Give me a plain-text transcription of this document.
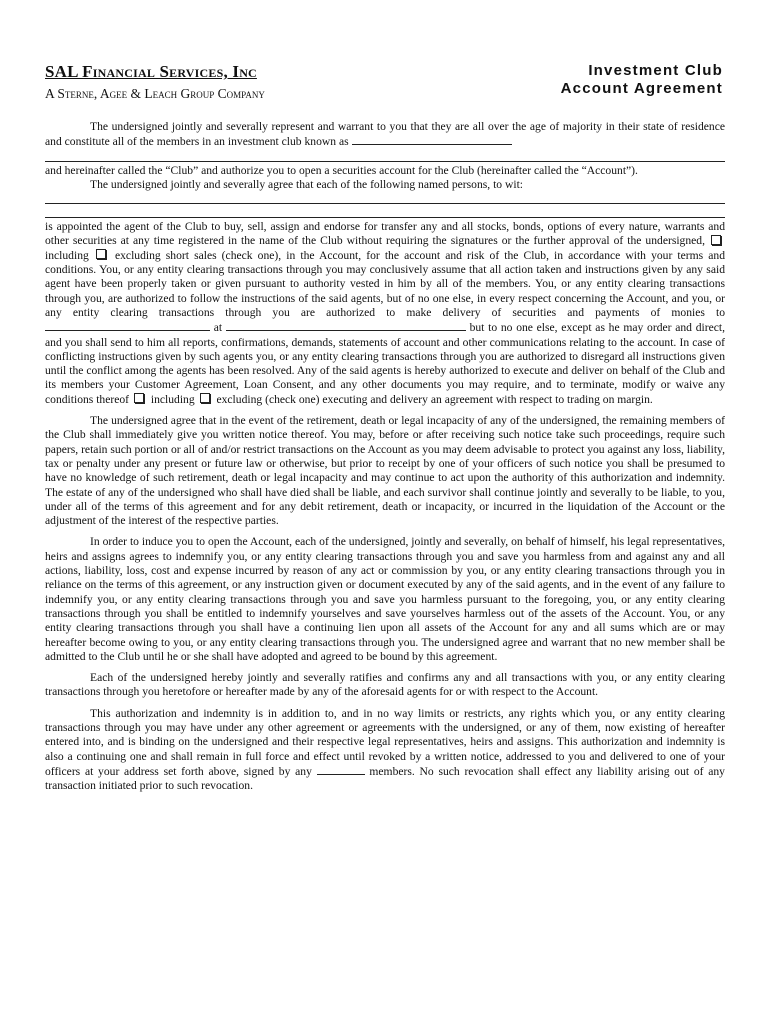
SAL Financial Services, Inc
A Sterne, Agee & Leach Group Company
Investment Club
Account Agreement

The undersigned jointly and severally represent and warrant to you that they are all over the age of majority in their state of residence and constitute all of the members in an investment club known as

and hereinafter called the “Club” and authorize you to open a securities account for the Club (hereinafter called the “Account”).

The undersigned jointly and severally agree that each of the following named persons, to wit:

is appointed the agent of the Club to buy, sell, assign and endorse for transfer any and all stocks, bonds, options of every nature, warrants and other securities at any time registered in the name of the Club without requiring the signatures or the further approval of the undersigned,  including excluding short sales (check one), in the Account, for the account and risk of the Club, in accordance with your terms and conditions. You, or any entity clearing transactions through you may conclusively assume that all action taken and instructions given by any said agent have been properly taken or given pursuant to authority vested in him by all of the members. You, or any entity clearing transactions through you, are authorized to follow the instructions of the said agents, but of no one else, in every respect concerning the Account, and you, or any entity clearing transactions through you are authorized to make delivery of securities and payments of monies to  at	but to no one else, except as he may order and direct, and you shall send to him all reports, confirmations, demands, statements of account and other communications relating to the account. In case of conflicting instructions given by such agents you, or any entity clearing transactions through you are authorized to disregard all instructions given until the conflict among the agents has been resolved. Any of the said agents is hereby authorized to execute and deliver on behalf of the Club and its members your Customer Agreement, Loan Consent, and any other documents you may require, and to terminate, modify or waive any conditions thereof including excluding (check one) executing and delivery an agreement with respect to trading on margin.

The undersigned agree that in the event of the retirement, death or legal incapacity of any of the undersigned, the remaining members of the Club shall immediately give you written notice thereof. You may, before or after receiving such notice take such proceedings, require such papers, retain such portion or all of and/or restrict transactions on the Account as you may deem advisable to protect you against any loss, liability, tax or penalty under any present or future law or otherwise, but prior to receipt by one of your officers of such notice you shall be presumed to have no knowledge of such retirement, death or legal incapacity and may continue to act upon the authority of this authorization and indemnity. The estate of any of the undersigned who shall have died shall be liable, and each survivor shall continue jointly and severally to be liable, to you, under all of the terms of this agreement and for any debit retirement, death or incapacity, or incurred in the liquidation of the Account or the adjustment of the interest of the respective parties.

In order to induce you to open the Account, each of the undersigned, jointly and severally, on behalf of himself, his legal representatives, heirs and assigns agrees to indemnify you, or any entity clearing transactions through you and save you harmless from and against any and all actions, liability, loss, cost and expense incurred by reason of any act or commission by you, or any entity clearing transactions through you in reliance on the terms of this agreement, or any instruction given or document executed by any of the said agents, and in the event of any failure to indemnify you, or any entity clearing transactions through you and save you harmless pursuant to the foregoing, you, or any entity clearing transactions through you shall be entitled to indemnify yourselves and save yourselves harmless out of the assets of the Account. You, or any entity clearing transactions through you shall have a continuing lien upon all assets of the Account for any and all sums which are or may hereafter become owing to you, or any entity clearing transactions through you. The undersigned agree and warrant that no new member shall be admitted to the Club until he or she shall have adopted and agreed to be bound by this agreement.

Each of the undersigned hereby jointly and severally ratifies and confirms any and all transactions with you, or any entity clearing transactions through you heretofore or hereafter made by any of the aforesaid agents for or with respect to the Account.

This authorization and indemnity is in addition to, and in no way limits or restricts, any rights which you, or any entity clearing transactions through you may have under any other agreement or agreements with the undersigned, or any of them, now existing of hereafter entered into, and is binding on the undersigned and their respective legal representatives, heirs and assigns. This authorization and indemnity is also a continuing one and shall remain in full force and effect until revoked by a written notice, addressed to you and delivered to one of your officers at your address set forth above, signed by any	members. No such revocation shall effect any liability arising out of any transaction initiated prior to such revocation.
